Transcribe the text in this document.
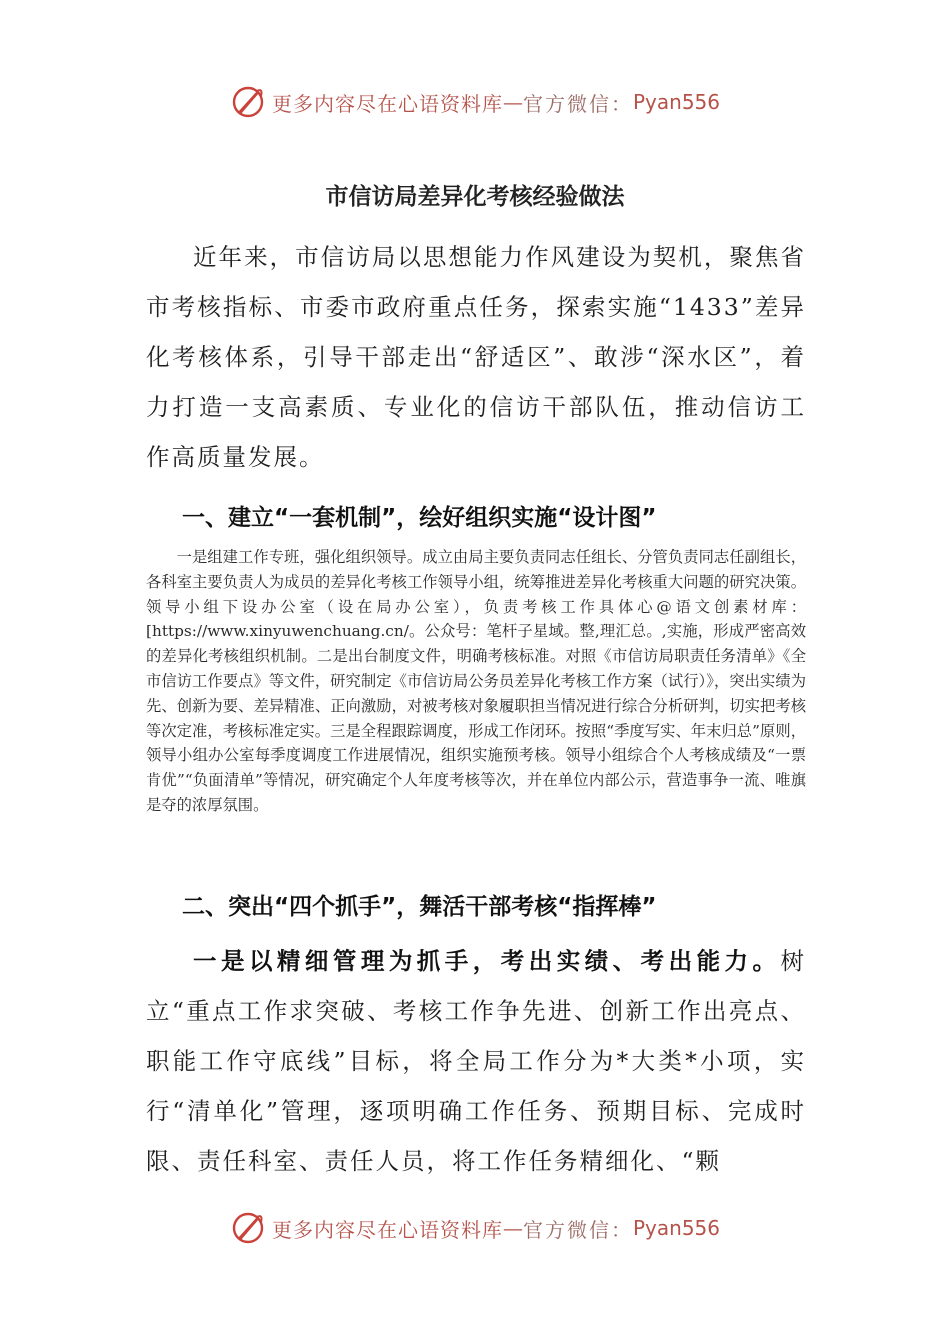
更多内容尽在心语资料库 — 官方微信： Pyan556
市信访局差异化考核经验做法

近年来，市信访局以思想能力作风建设为契机，聚焦省市考核指标、市委市政府重点任务，探索实施“1433”差异化考核体系，引导干部走出“舒适区”、敢涉“深水区”，着力打造一支高素质、专业化的信访干部队伍，推动信访工作高质量发展。

一、建立“一套机制”，绘好组织实施“设计图”

一是组建工作专班，强化组织领导。成立由局主要负责同志任组长、分管负责同志任副组长，各科室主要负责人为成员的差异化考核工作领导小组，统筹推进差异化考核重大问题的研究决策。领导小组下设办公室（设在局办公室），负责考核工作具体心@语文创素材库：[https://www.xinyuwenchuang.cn/。公众号：笔杆子星域。整,理汇总。,实施，形成严密高效的差异化考核组织机制。二是出台制度文件，明确考核标准。对照《市信访局职责任务清单》《全市信访工作要点》等文件，研究制定《市信访局公务员差异化考核工作方案（试行）》，突出实绩为先、创新为要、差异精准、正向激励，对被考核对象履职担当情况进行综合分析研判，切实把考核等次定准，考核标准定实。三是全程跟踪调度，形成工作闭环。按照“季度写实、年末归总”原则，领导小组办公室每季度调度工作进展情况，组织实施预考核。领导小组综合个人考核成绩及“一票肯优”“负面清单”等情况，研究确定个人年度考核等次，并在单位内部公示，营造事争一流、唯旗是夺的浓厚氛围。

二、突出“四个抓手”，舞活干部考核“指挥棒”

一是以精细管理为抓手，考出实绩、考出能力。树立“重点工作求突破、考核工作争先进、创新工作出亮点、职能工作守底线”目标，将全局工作分为*大类*小项，实行“清单化”管理，逐项明确工作任务、预期目标、完成时限、责任科室、责任人员，将工作任务精细化、“颗

更多内容尽在心语资料库 — 官方微信： Pyan556
